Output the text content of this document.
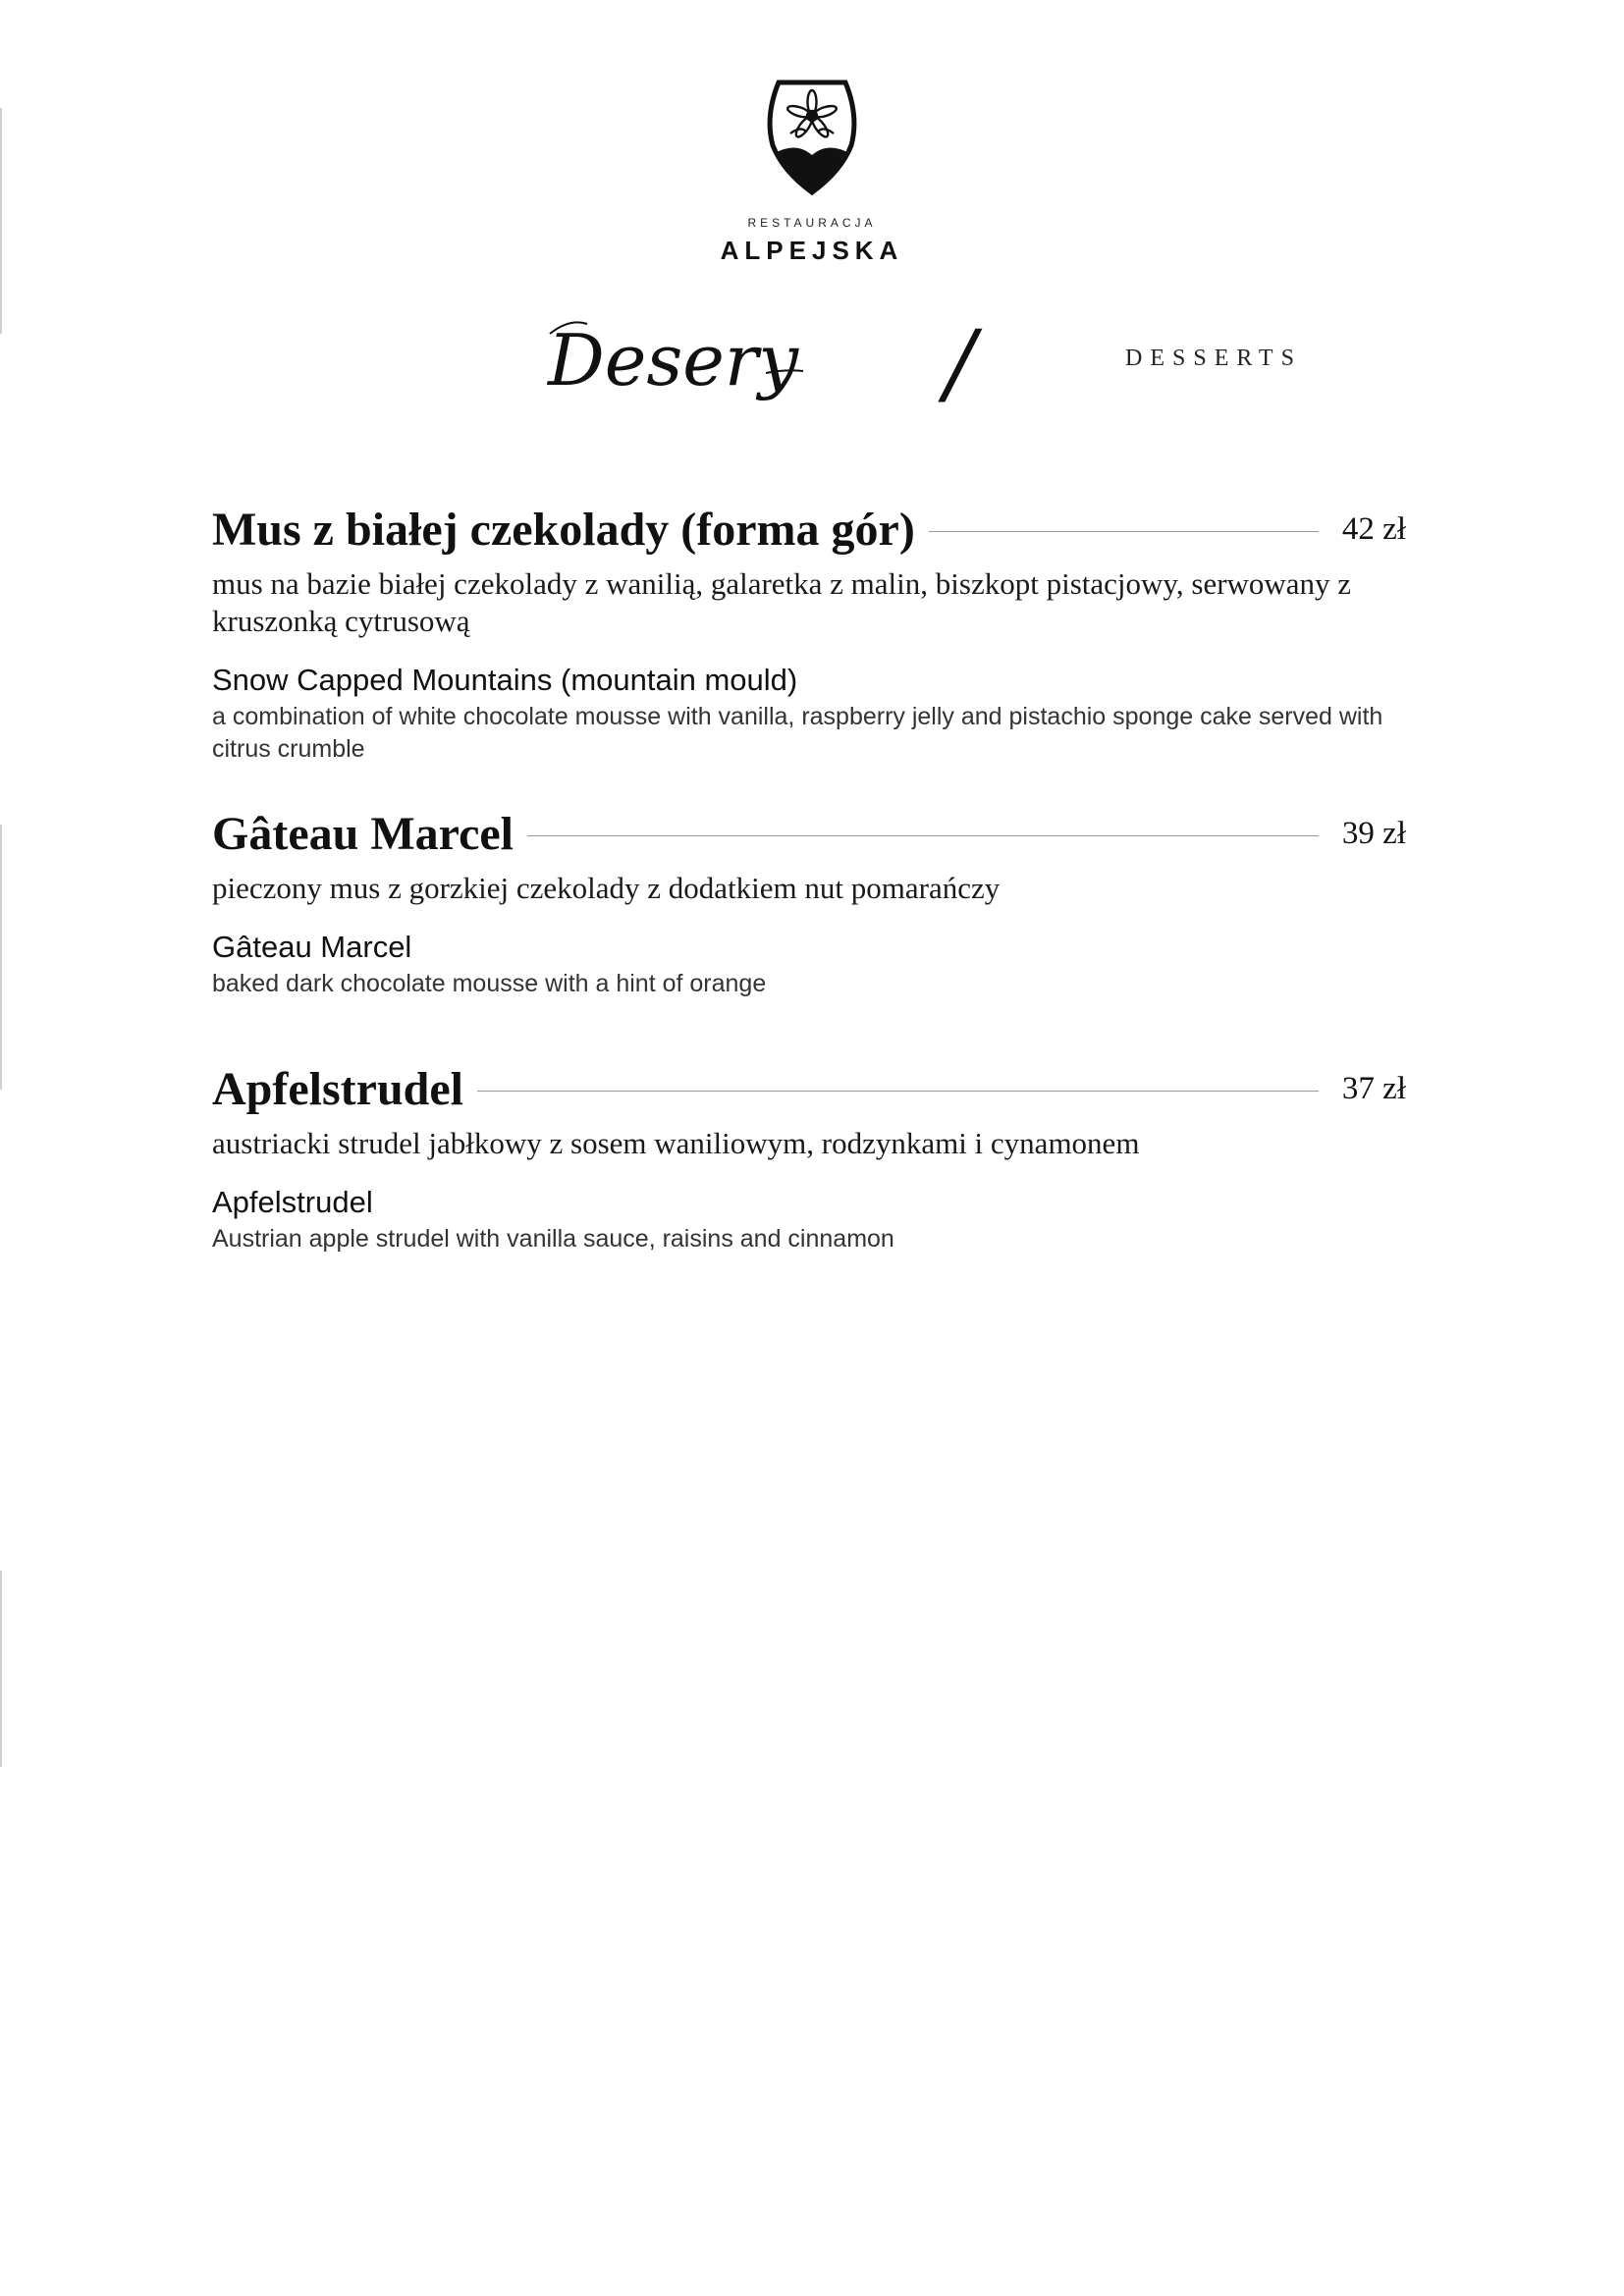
RESTAURACJA
ALPEJSKA
Desery	/	DESSERTS
Mus z białej czekolady (forma gór)	42 zł
mus na bazie białej czekolady z wanilią, galaretka z malin, biszkopt pistacjowy, serwowany z kruszonką cytrusową
Snow Capped Mountains (mountain mould)
a combination of white chocolate mousse with vanilla, raspberry jelly and pistachio sponge cake served with citrus crumble
Gâteau Marcel	39 zł
pieczony mus z gorzkiej czekolady z dodatkiem nut pomarańczy
Gâteau Marcel
baked dark chocolate mousse with a hint of orange
Apfelstrudel	37 zł
austriacki strudel jabłkowy z sosem waniliowym, rodzynkami i cynamonem
Apfelstrudel
Austrian apple strudel with vanilla sauce, raisins and cinnamon
